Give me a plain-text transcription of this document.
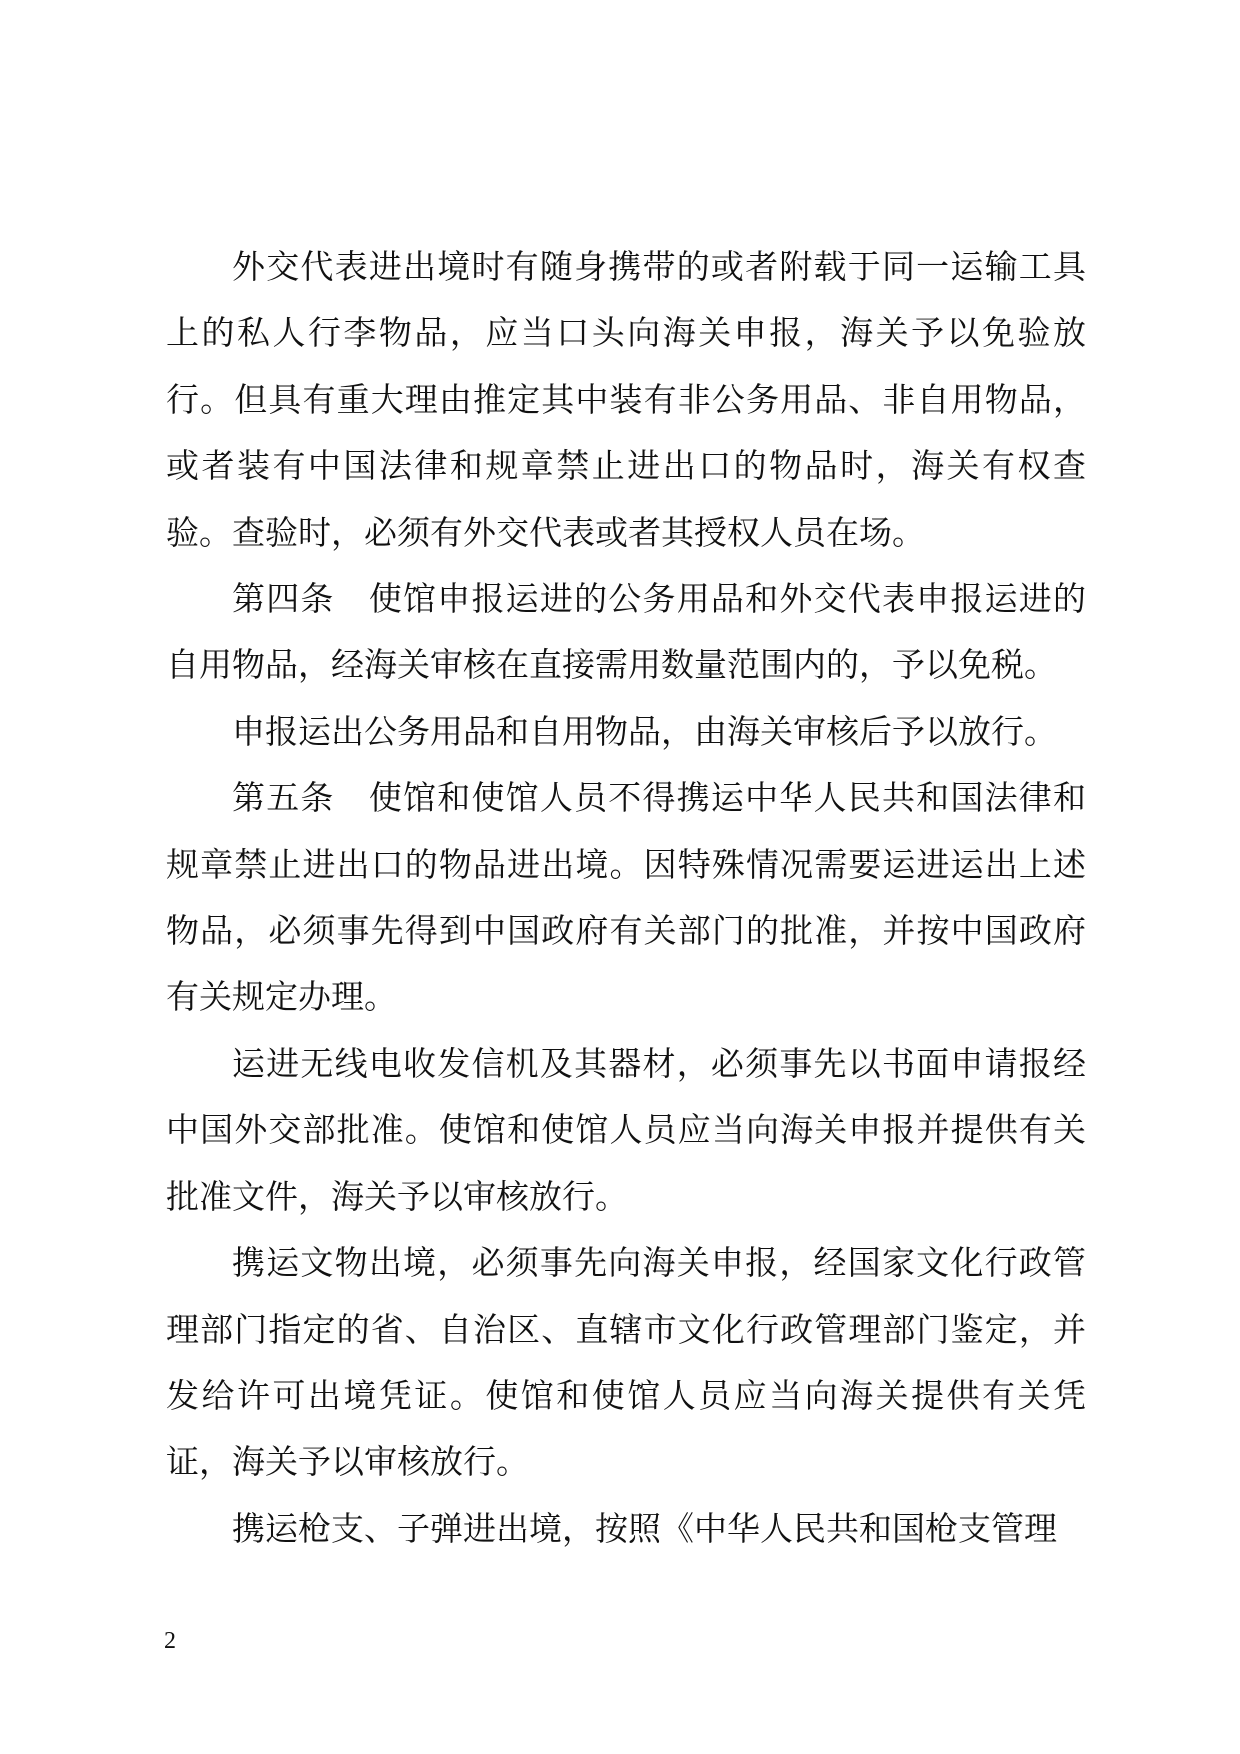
外交代表进出境时有随身携带的或者附载于同一运输工具上的私人行李物品，应当口头向海关申报，海关予以免验放行。但具有重大理由推定其中装有非公务用品、非自用物品，或者装有中国法律和规章禁止进出口的物品时，海关有权查验。查验时，必须有外交代表或者其授权人员在场。

第四条　使馆申报运进的公务用品和外交代表申报运进的自用物品，经海关审核在直接需用数量范围内的，予以免税。

申报运出公务用品和自用物品，由海关审核后予以放行。

第五条　使馆和使馆人员不得携运中华人民共和国法律和规章禁止进出口的物品进出境。因特殊情况需要运进运出上述物品，必须事先得到中国政府有关部门的批准，并按中国政府有关规定办理。

运进无线电收发信机及其器材，必须事先以书面申请报经中国外交部批准。使馆和使馆人员应当向海关申报并提供有关批准文件，海关予以审核放行。

携运文物出境，必须事先向海关申报，经国家文化行政管理部门指定的省、自治区、直辖市文化行政管理部门鉴定，并发给许可出境凭证。使馆和使馆人员应当向海关提供有关凭证，海关予以审核放行。

携运枪支、子弹进出境，按照《中华人民共和国枪支管理

2
